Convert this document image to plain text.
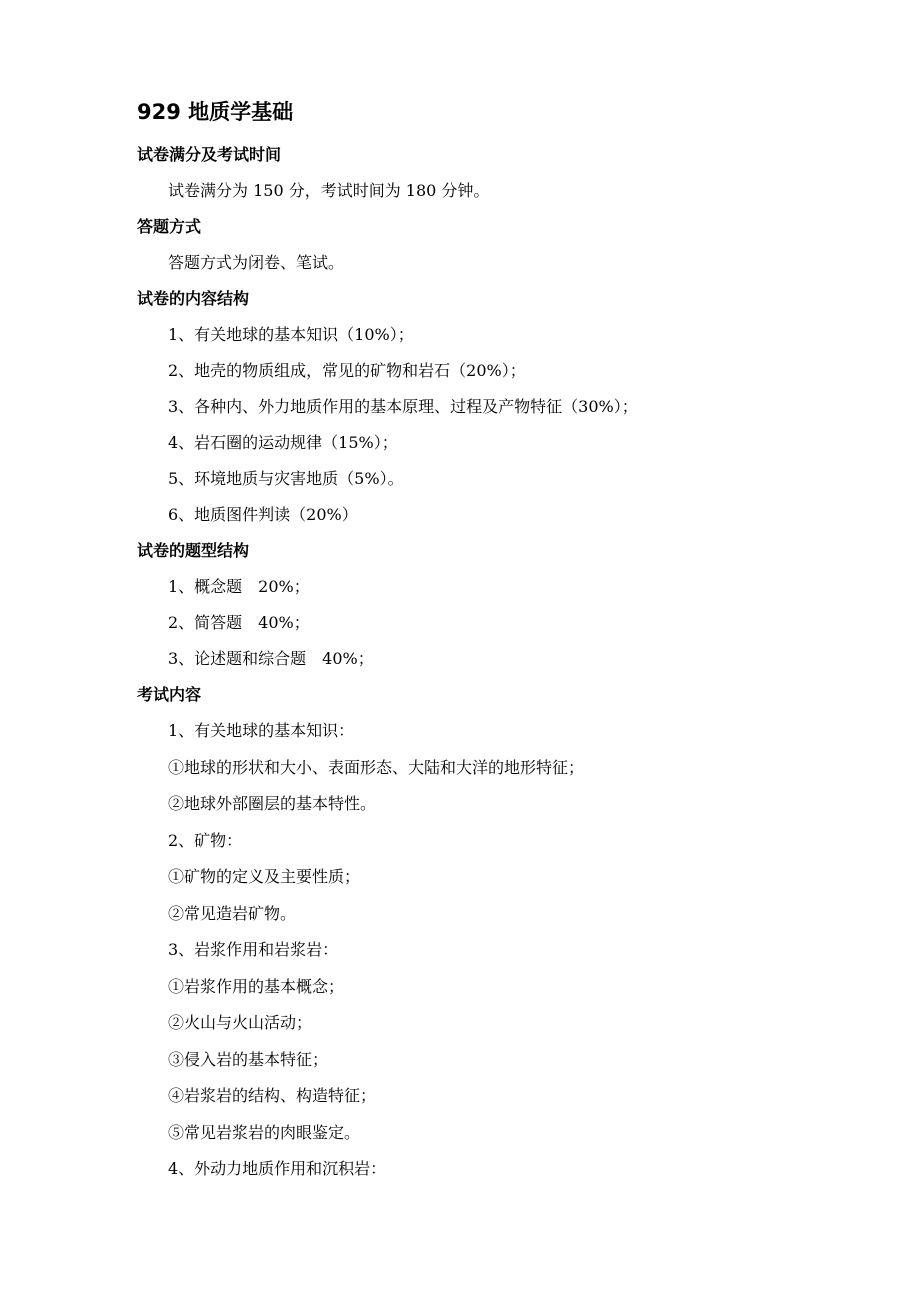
929 地质学基础
试卷满分及考试时间
试卷满分为 150 分，考试时间为 180 分钟。
答题方式
答题方式为闭卷、笔试。
试卷的内容结构
1、有关地球的基本知识（10%）；
2、地壳的物质组成，常见的矿物和岩石（20%）；
3、各种内、外力地质作用的基本原理、过程及产物特征（30%）；
4、岩石圈的运动规律（15%）；
5、环境地质与灾害地质（5%）。
6、地质图件判读（20%）
试卷的题型结构
1、概念题　20%；
2、简答题　40%；
3、论述题和综合题　40%；
考试内容
1、有关地球的基本知识：
①地球的形状和大小、表面形态、大陆和大洋的地形特征；
②地球外部圈层的基本特性。
2、矿物：
①矿物的定义及主要性质；
②常见造岩矿物。
3、岩浆作用和岩浆岩：
①岩浆作用的基本概念；
②火山与火山活动；
③侵入岩的基本特征；
④岩浆岩的结构、构造特征；
⑤常见岩浆岩的肉眼鉴定。
4、外动力地质作用和沉积岩：
